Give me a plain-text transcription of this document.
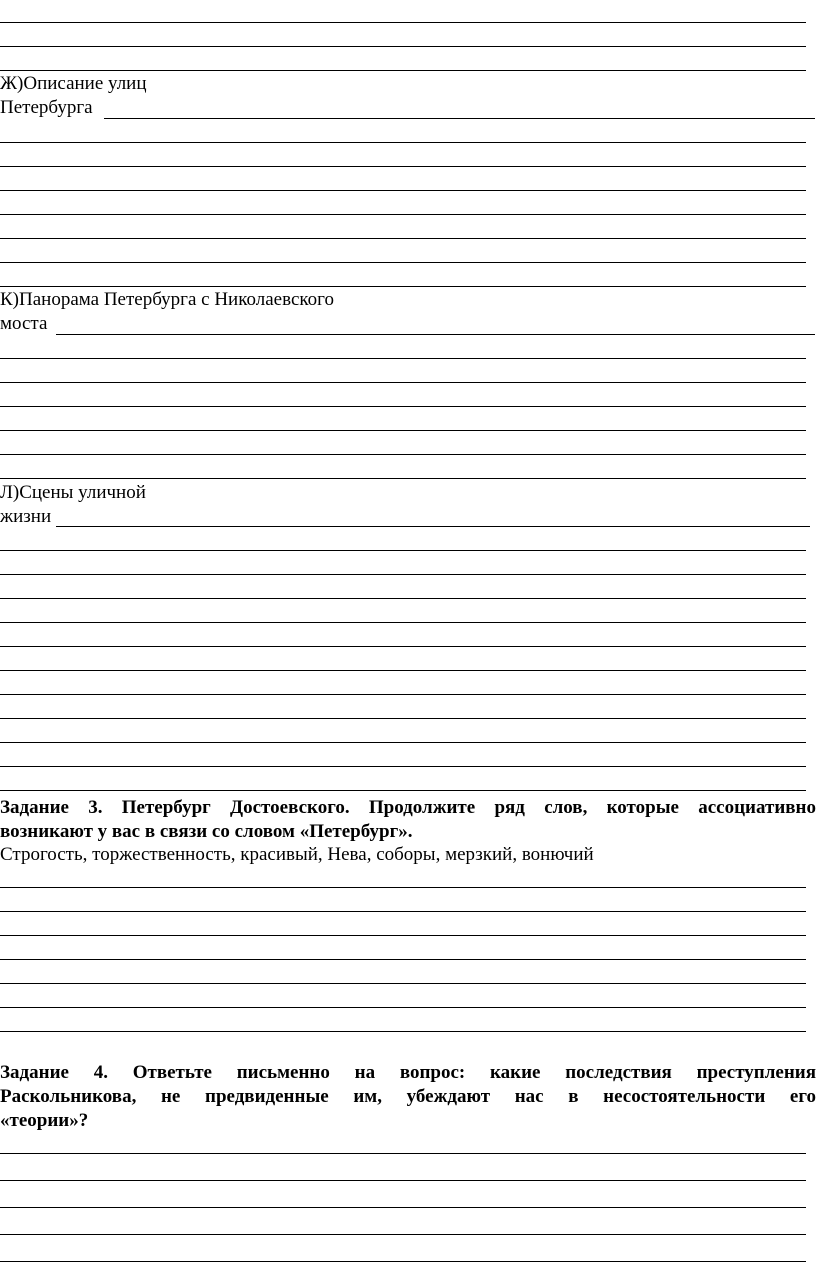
Ж)Описание улиц
Петербурга
К)Панорама Петербурга с Николаевского
моста
Л)Сцены уличной
жизни
Задание 3. Петербург Достоевского. Продолжите ряд слов, которые ассоциативно
возникают у вас в связи со словом «Петербург».
Строгость, торжественность, красивый, Нева, соборы, мерзкий, вонючий
Задание 4. Ответьте письменно на вопрос: какие последствия преступления
Раскольникова, не предвиденные им, убеждают нас в несостоятельности его
«теории»?
